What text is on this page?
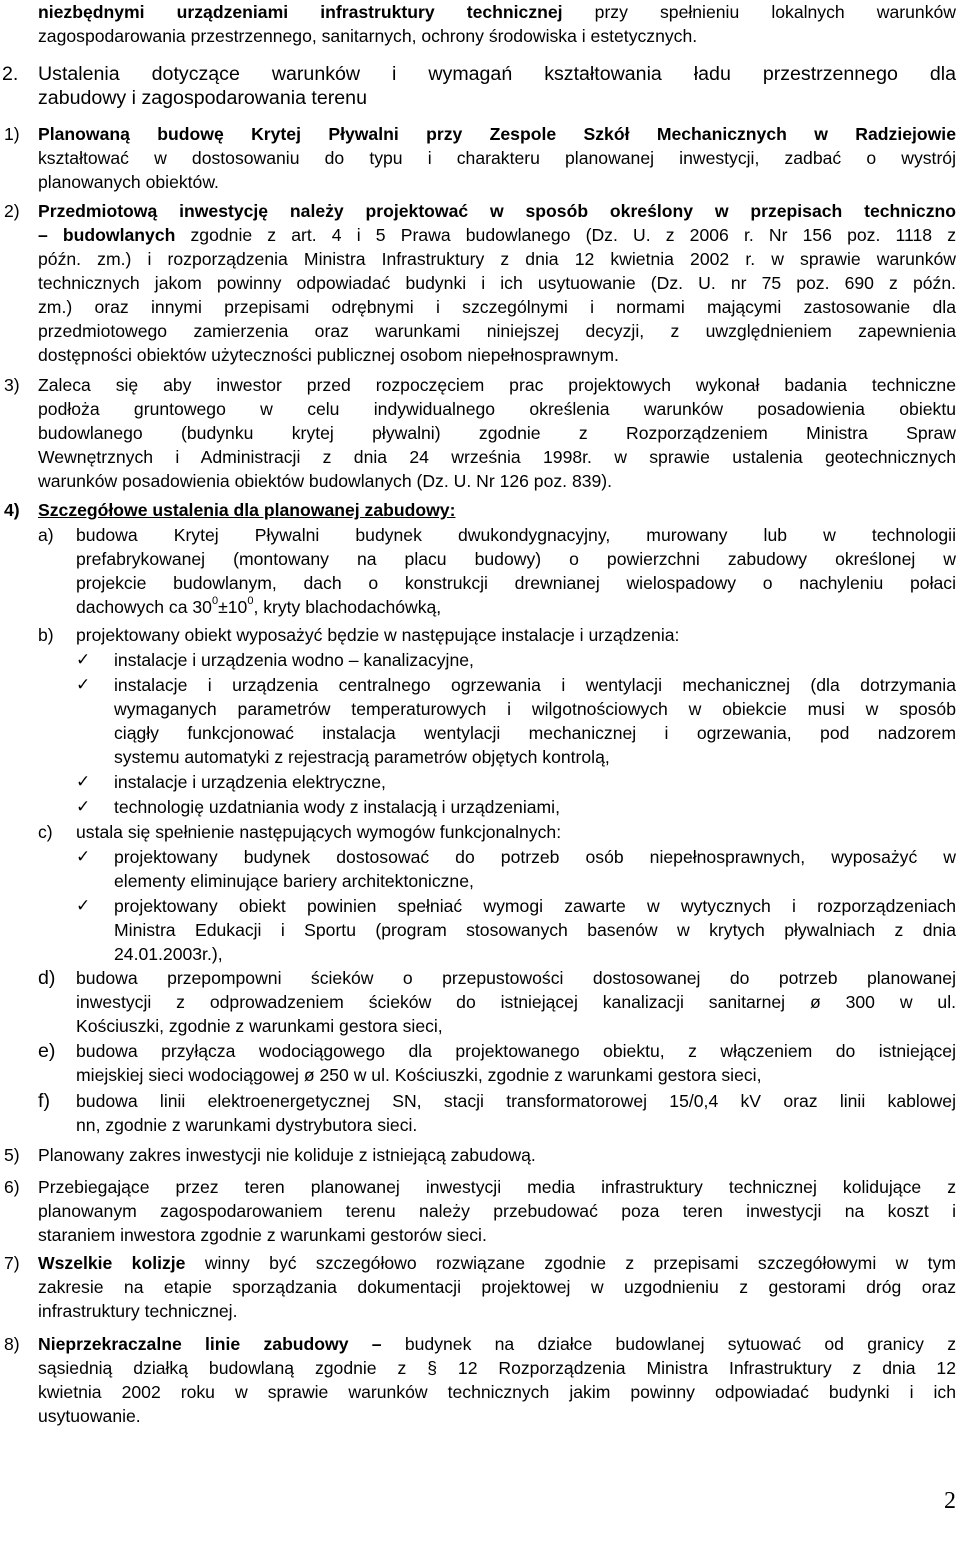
niezbędnymi urządzeniami infrastruktury technicznej przy spełnieniu lokalnych warunków
zagospodarowania przestrzennego, sanitarnych, ochrony środowiska i estetycznych.
2. Ustalenia dotyczące warunków i wymagań kształtowania ładu przestrzennego dla
zabudowy i zagospodarowania terenu
1) Planowaną budowę Krytej Pływalni przy Zespole Szkół Mechanicznych w Radziejowie
kształtować w dostosowaniu do typu i charakteru planowanej inwestycji, zadbać o wystrój
planowanych obiektów.
2) Przedmiotową inwestycję należy projektować w sposób określony w przepisach techniczno
– budowlanych zgodnie z art. 4 i 5 Prawa budowlanego (Dz. U. z 2006 r. Nr 156 poz. 1118 z
późn. zm.) i rozporządzenia Ministra Infrastruktury z dnia 12 kwietnia 2002 r. w sprawie warunków
technicznych jakom powinny odpowiadać budynki i ich usytuowanie (Dz. U. nr 75 poz. 690 z późn.
zm.) oraz innymi przepisami odrębnymi i szczególnymi i normami mającymi zastosowanie dla
przedmiotowego zamierzenia oraz warunkami niniejszej decyzji, z uwzględnieniem zapewnienia
dostępności obiektów użyteczności publicznej osobom niepełnosprawnym.
3) Zaleca się aby inwestor przed rozpoczęciem prac projektowych wykonał badania techniczne
podłoża gruntowego w celu indywidualnego określenia warunków posadowienia obiektu
budowlanego (budynku krytej pływalni) zgodnie z Rozporządzeniem Ministra Spraw
Wewnętrznych i Administracji z dnia 24 września 1998r. w sprawie ustalenia geotechnicznych
warunków posadowienia obiektów budowlanych (Dz. U. Nr 126 poz. 839).
4) Szczegółowe ustalenia dla planowanej zabudowy:
a) budowa Krytej Pływalni budynek dwukondygnacyjny, murowany lub w technologii
prefabrykowanej (montowany na placu budowy) o powierzchni zabudowy określonej w
projekcie budowlanym, dach o konstrukcji drewnianej wielospadowy o nachyleniu połaci
dachowych ca $30^0\pm 10^0$, kryty blachodachówką,
b) projektowany obiekt wyposażyć będzie w następujące instalacje i urządzenia:
✓ instalacje i urządzenia wodno – kanalizacyjne,
✓ instalacje i urządzenia centralnego ogrzewania i wentylacji mechanicznej (dla dotrzymania
wymaganych parametrów temperaturowych i wilgotnościowych w obiekcie musi w sposób
ciągły funkcjonować instalacja wentylacji mechanicznej i ogrzewania, pod nadzorem
systemu automatyki z rejestracją parametrów objętych kontrolą,
✓ instalacje i urządzenia elektryczne,
✓ technologię uzdatniania wody z instalacją i urządzeniami,
c) ustala się spełnienie następujących wymogów funkcjonalnych:
✓ projektowany budynek dostosować do potrzeb osób niepełnosprawnych, wyposażyć w
elementy eliminujące bariery architektoniczne,
✓ projektowany obiekt powinien spełniać wymogi zawarte w wytycznych i rozporządzeniach
Ministra Edukacji i Sportu (program stosowanych basenów w krytych pływalniach z dnia
24.01.2003r.),
d) budowa przepompowni ścieków o przepustowości dostosowanej do potrzeb planowanej
inwestycji z odprowadzeniem ścieków do istniejącej kanalizacji sanitarnej ø 300 w ul.
Kościuszki, zgodnie z warunkami gestora sieci,
e) budowa przyłącza wodociągowego dla projektowanego obiektu, z włączeniem do istniejącej
miejskiej sieci wodociągowej ø 250 w ul. Kościuszki, zgodnie z warunkami gestora sieci,
f) budowa linii elektroenergetycznej SN, stacji transformatorowej 15/0,4 kV oraz linii kablowej
nn, zgodnie z warunkami dystrybutora sieci.
5) Planowany zakres inwestycji nie koliduje z istniejącą zabudową.
6) Przebiegające przez teren planowanej inwestycji media infrastruktury technicznej kolidujące z
planowanym zagospodarowaniem terenu należy przebudować poza teren inwestycji na koszt i
staraniem inwestora zgodnie z warunkami gestorów sieci.
7) Wszelkie kolizje winny być szczegółowo rozwiązane zgodnie z przepisami szczegółowymi w tym
zakresie na etapie sporządzania dokumentacji projektowej w uzgodnieniu z gestorami dróg oraz
infrastruktury technicznej.
8) Nieprzekraczalne linie zabudowy – budynek na działce budowlanej sytuować od granicy z
sąsiednią działką budowlaną zgodnie z § 12 Rozporządzenia Ministra Infrastruktury z dnia 12
kwietnia 2002 roku w sprawie warunków technicznych jakim powinny odpowiadać budynki i ich
usytuowanie.
2
